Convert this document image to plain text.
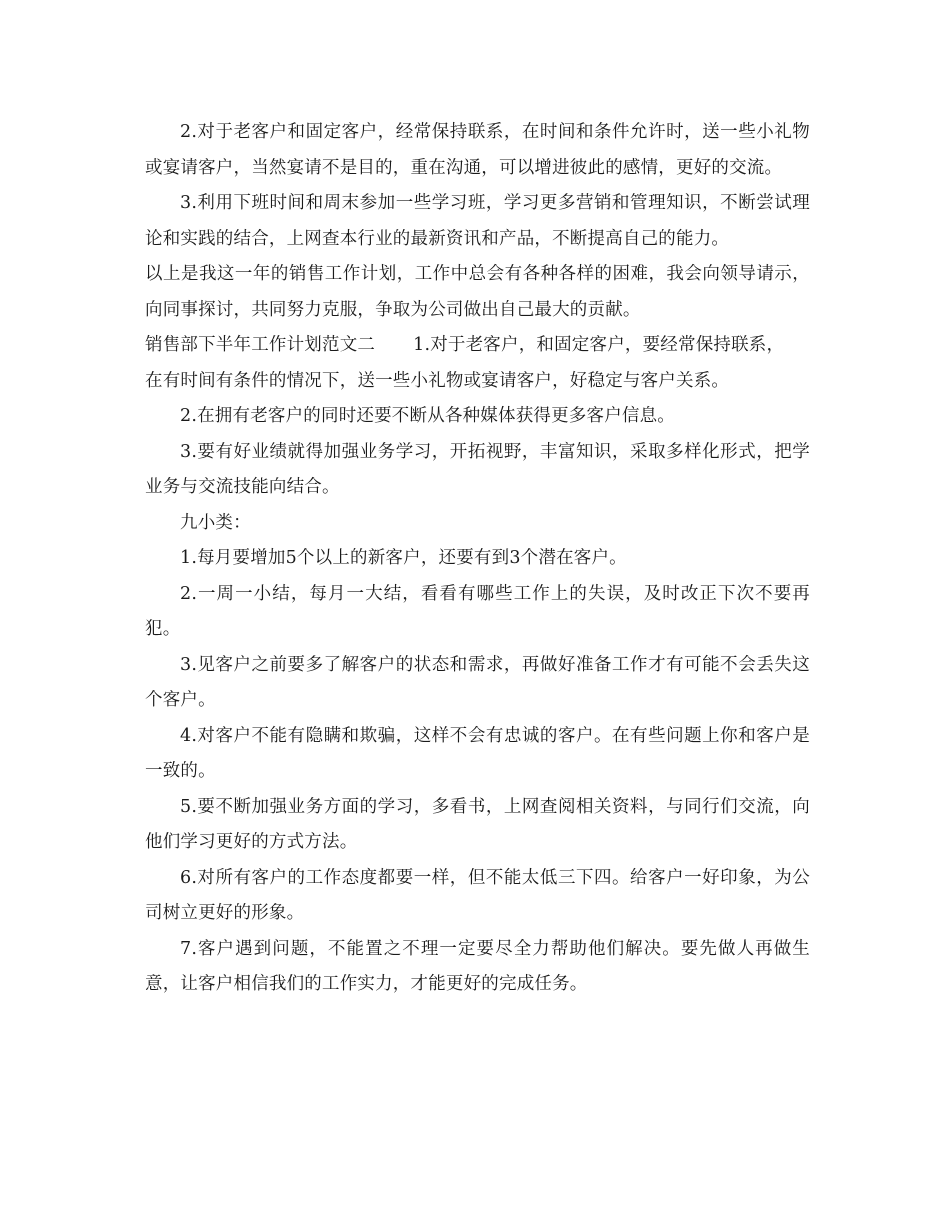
2.对于老客户和固定客户，经常保持联系，在时间和条件允许时，送一些小礼物或宴请客户，当然宴请不是目的，重在沟通，可以增进彼此的感情，更好的交流。

3.利用下班时间和周末参加一些学习班，学习更多营销和管理知识，不断尝试理论和实践的结合，上网查本行业的最新资讯和产品，不断提高自己的能力。

以上是我这一年的销售工作计划，工作中总会有各种各样的困难，我会向领导请示，向同事探讨，共同努力克服，争取为公司做出自己最大的贡献。

销售部下半年工作计划范文二 1.对于老客户，和固定客户，要经常保持联系，

在有时间有条件的情况下，送一些小礼物或宴请客户，好稳定与客户关系。

2.在拥有老客户的同时还要不断从各种媒体获得更多客户信息。

3.要有好业绩就得加强业务学习，开拓视野，丰富知识，采取多样化形式，把学业务与交流技能向结合。

九小类：

1.每月要增加5个以上的新客户，还要有到3个潜在客户。

2.一周一小结，每月一大结，看看有哪些工作上的失误，及时改正下次不要再犯。

3.见客户之前要多了解客户的状态和需求，再做好准备工作才有可能不会丢失这个客户。

4.对客户不能有隐瞒和欺骗，这样不会有忠诚的客户。在有些问题上你和客户是一致的。

5.要不断加强业务方面的学习，多看书，上网查阅相关资料，与同行们交流，向他们学习更好的方式方法。

6.对所有客户的工作态度都要一样，但不能太低三下四。给客户一好印象，为公司树立更好的形象。

7.客户遇到问题，不能置之不理一定要尽全力帮助他们解决。要先做人再做生意，让客户相信我们的工作实力，才能更好的完成任务。
